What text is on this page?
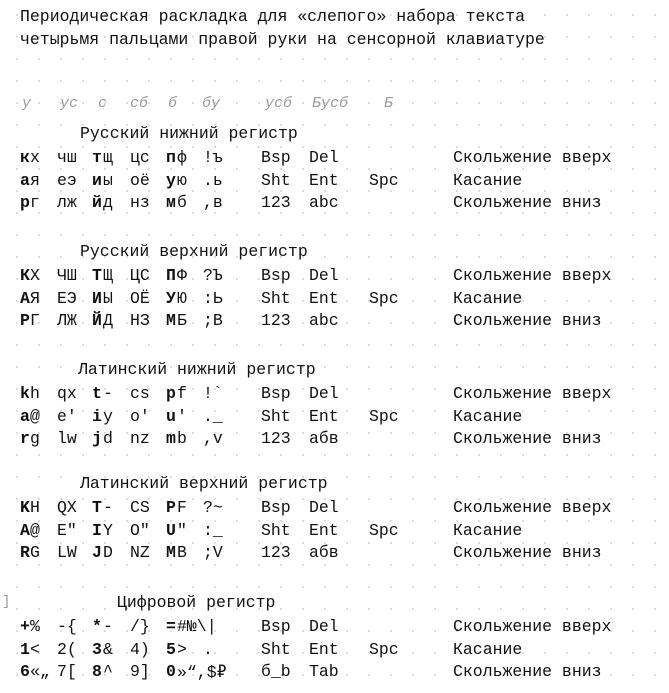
Периодическая раскладка для «слепого» набора текста
четырьмя пальцами правой руки на сенсорной клавиатуре

у

ус

с

сб

б

бу

	усб

Бусб

Б

Русский нижний регистр
к х чш т щ цс п ф !ъ Bsp Del	Скольжение вверх
а я еэ и ы оё у ю .ь Sht Ent Spc	Касание
р г лж й д нз м б ,в 123 abc	Скольжение вниз
Русский верхний регистр
К Х ЧШ Т Щ ЦС П Ф ?Ъ Bsp Del	Скольжение вверх
А Я ЕЭ И Ы ОЁ У Ю :Ь Sht Ent Spc	Касание
Р Г ЛЖ Й Д НЗ М Б ;В 123 abc	Скольжение вниз
Латинский нижний регистр
k h qx t - cs p f !` Bsp Del	Скольжение вверх
a @ e' i y o' u ' ._ Sht Ent Spc	Касание
r g lw j d nz m b ,v 123 абв	Скольжение вниз
Латинский верхний регистр
K H QX T - CS P F ?~ Bsp Del	Скольжение вверх
A @ E" I Y O" U " :_ Sht Ent Spc	Касание
R G LW J D NZ M B ;V 123 абв	Скольжение вниз
Цифровой регистр
+ % -{ * - /} = #№\|	Bsp Del	Скольжение вверх
1 < 2( 3 & 4) 5 > .	Sht Ent Spc	Касание
6 «„ 7[ 8 ^ 9] 0 »“,$₽ б_b Tab	Скольжение вниз
]
